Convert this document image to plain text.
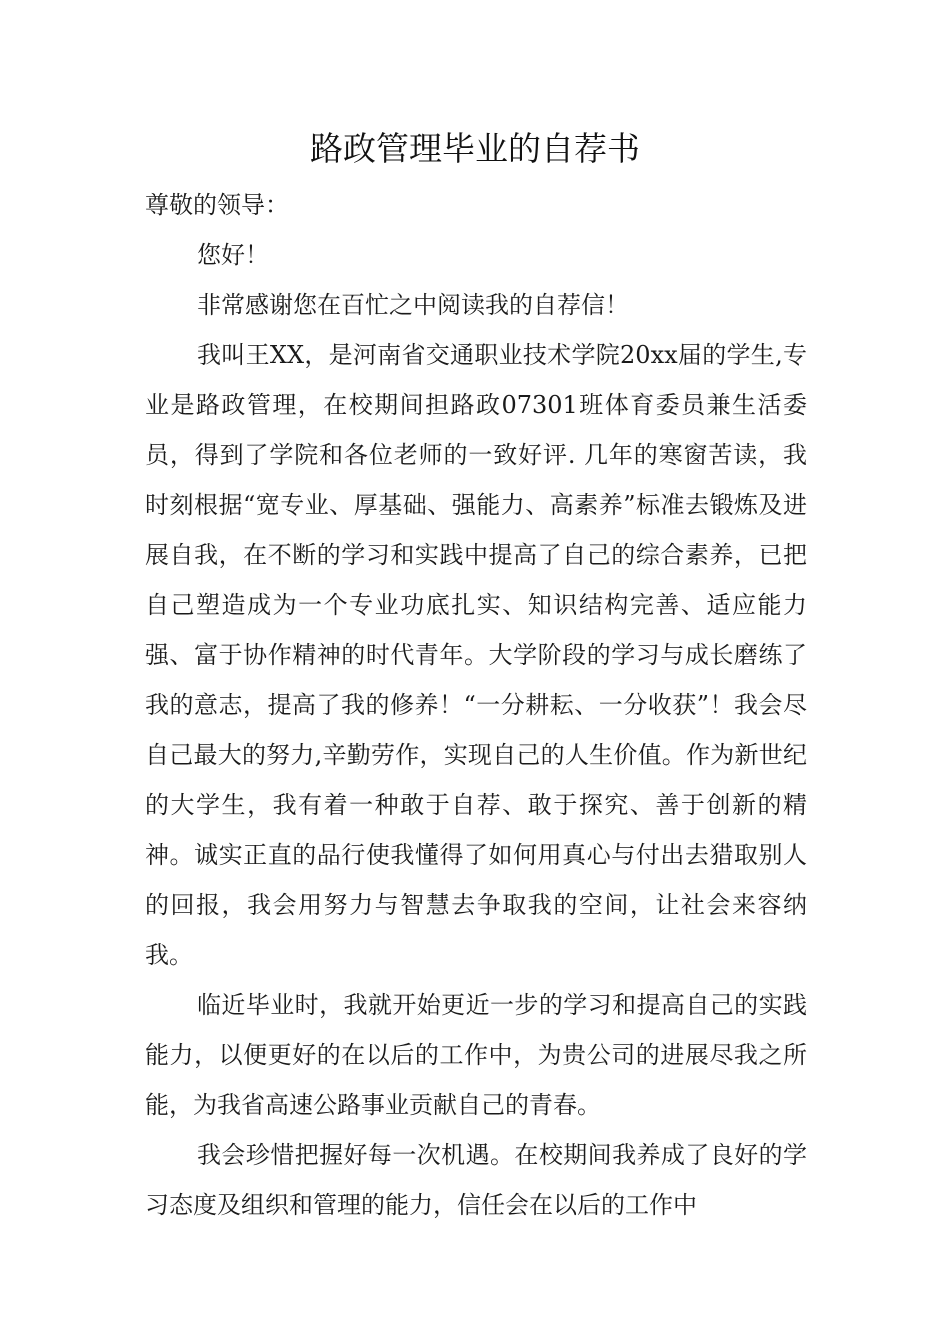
路政管理毕业的自荐书

尊敬的领导：

您好！

非常感谢您在百忙之中阅读我的自荐信！

我叫王XX，是河南省交通职业技术学院20xx届的学生,专业是路政管理，在校期间担路政07301班体育委员兼生活委员，得到了学院和各位老师的一致好评. 几年的寒窗苦读，我时刻根据“宽专业、厚基础、强能力、高素养”标准去锻炼及进展自我，在不断的学习和实践中提高了自己的综合素养，已把自己塑造成为一个专业功底扎实、知识结构完善、适应能力强、富于协作精神的时代青年。大学阶段的学习与成长磨练了我的意志，提高了我的修养！“一分耕耘、一分收获”！我会尽自己最大的努力,辛勤劳作，实现自己的人生价值。作为新世纪的大学生，我有着一种敢于自荐、敢于探究、善于创新的精神。诚实正直的品行使我懂得了如何用真心与付出去猎取别人的回报，我会用努力与智慧去争取我的空间，让社会来容纳我。

临近毕业时，我就开始更近一步的学习和提高自己的实践能力，以便更好的在以后的工作中，为贵公司的进展尽我之所能，为我省高速公路事业贡献自己的青春。

我会珍惜把握好每一次机遇。在校期间我养成了良好的学习态度及组织和管理的能力，信任会在以后的工作中
